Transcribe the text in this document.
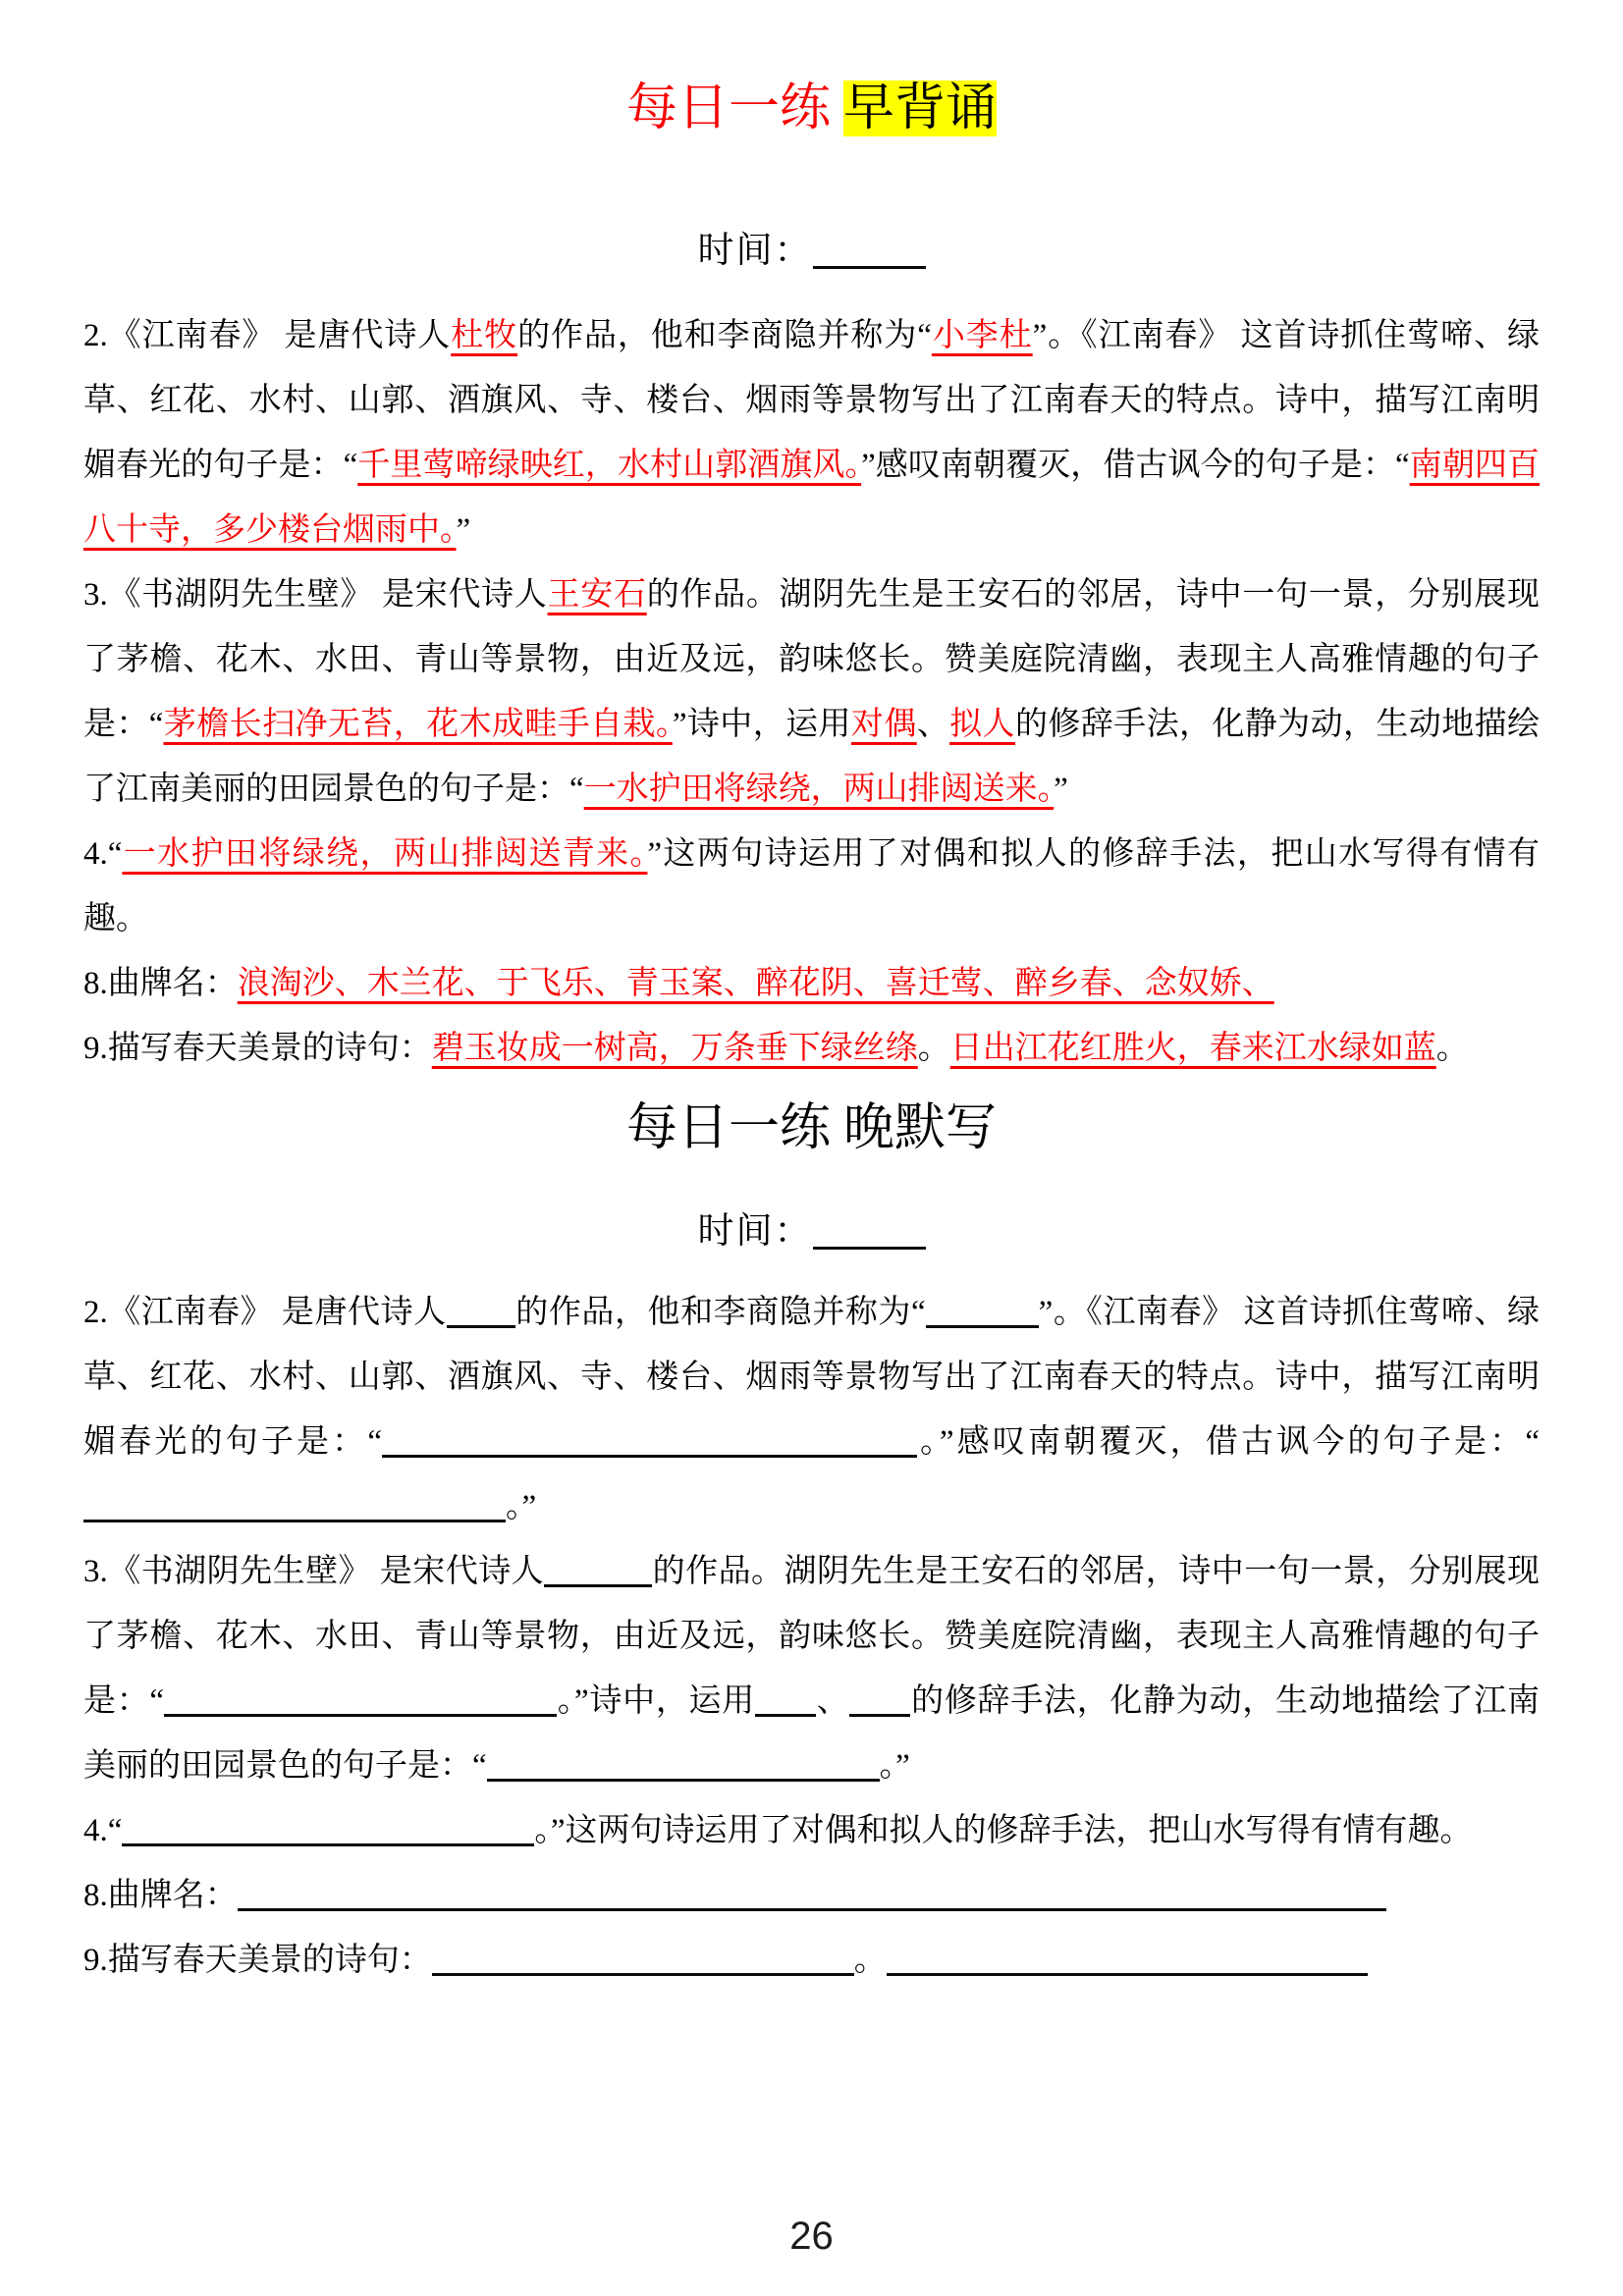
每日一练 早背诵
时间：
2.《江南春》 是唐代诗人杜牧的作品，他和李商隐并称为“小李杜”。《江南春》 这首诗抓住莺啼、绿草、红花、水村、山郭、酒旗风、寺、楼台、烟雨等景物写出了江南春天的特点。诗中，描写江南明媚春光的句子是：“千里莺啼绿映红，水村山郭酒旗风。”感叹南朝覆灭，借古讽今的句子是：“南朝四百八十寺，多少楼台烟雨中。”
3.《书湖阴先生壁》 是宋代诗人王安石的作品。湖阴先生是王安石的邻居，诗中一句一景，分别展现了茅檐、花木、水田、青山等景物，由近及远，韵味悠长。赞美庭院清幽，表现主人高雅情趣的句子是：“茅檐长扫净无苔，花木成畦手自栽。”诗中，运用对偶、拟人的修辞手法，化静为动，生动地描绘了江南美丽的田园景色的句子是：“一水护田将绿绕，两山排闼送来。”
4.“一水护田将绿绕，两山排闼送青来。”这两句诗运用了对偶和拟人的修辞手法，把山水写得有情有趣。
8.曲牌名：浪淘沙、木兰花、于飞乐、青玉案、醉花阴、喜迁莺、醉乡春、念奴娇、
9.描写春天美景的诗句：碧玉妆成一树高，万条垂下绿丝绦。日出江花红胜火，春来江水绿如蓝。
每日一练 晚默写
时间：
2.《江南春》 是唐代诗人 的作品，他和李商隐并称为“	”。《江南春》 这首诗抓住莺啼、绿草、红花、水村、山郭、酒旗风、寺、楼台、烟雨等景物写出了江南春天的特点。诗中，描写江南明媚春光的句子是：“	。”感叹南朝覆灭，借古讽今的句子是：“。”
3.《书湖阴先生壁》 是宋代诗人	的作品。湖阴先生是王安石的邻居，诗中一句一景，分别展现了茅檐、花木、水田、青山等景物，由近及远，韵味悠长。赞美庭院清幽，表现主人高雅情趣的句子是：“	。”诗中，运用 、 的修辞手法，化静为动，生动地描绘了江南美丽的田园景色的句子是：“	。”
4.“	。”这两句诗运用了对偶和拟人的修辞手法，把山水写得有情有趣。
8.曲牌名：
9.描写春天美景的诗句：	。
26
